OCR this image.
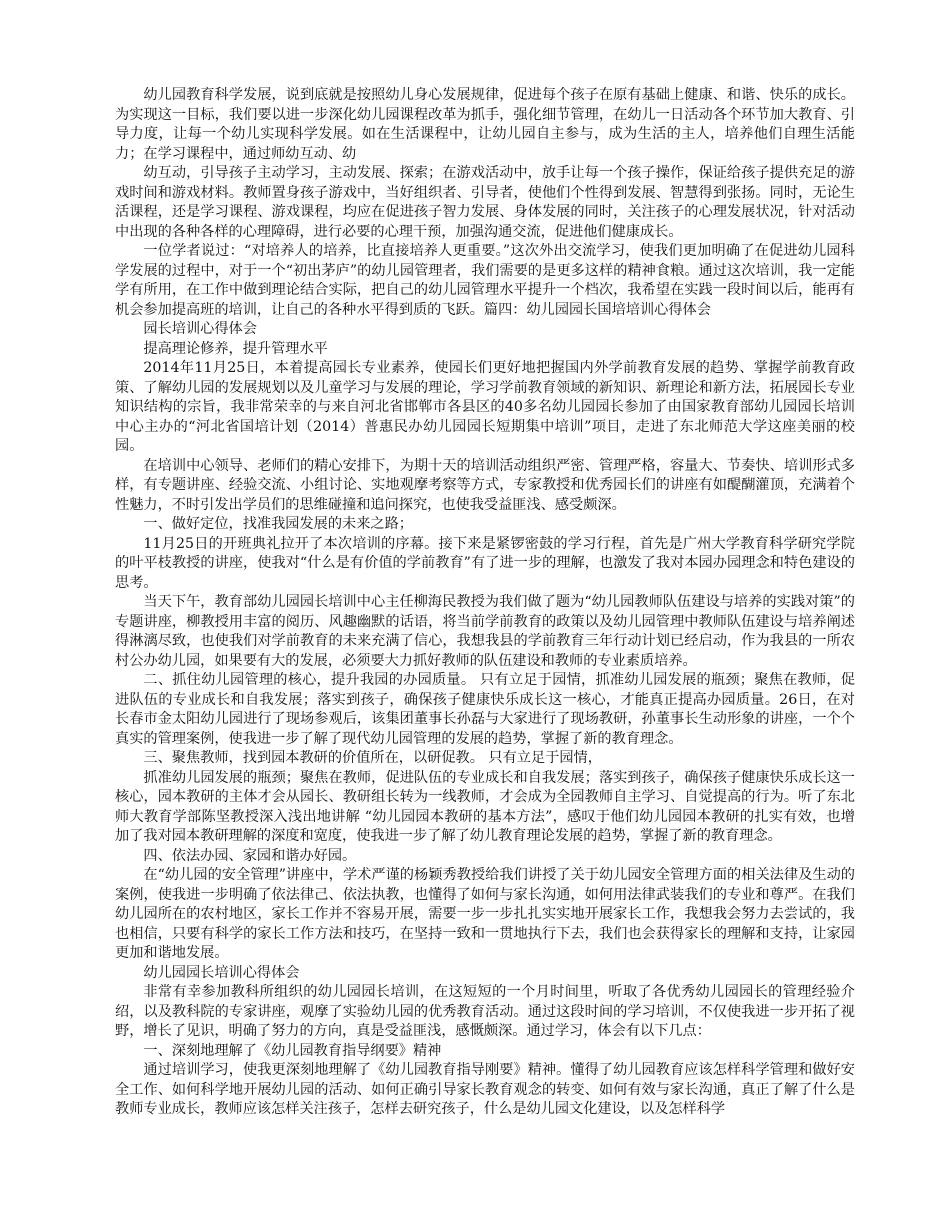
幼儿园教育科学发展，说到底就是按照幼儿身心发展规律，促进每个孩子在原有基础上健康、和谐、快乐的成长。为实现这一目标，我们要以进一步深化幼儿园课程改革为抓手，强化细节管理，在幼儿一日活动各个环节加大教育、引导力度，让每一个幼儿实现科学发展。如在生活课程中，让幼儿园自主参与，成为生活的主人，培养他们自理生活能力；在学习课程中，通过师幼互动、幼

幼互动，引导孩子主动学习，主动发展、探索；在游戏活动中，放手让每一个孩子操作，保证给孩子提供充足的游戏时间和游戏材料。教师置身孩子游戏中，当好组织者、引导者，使他们个性得到发展、智慧得到张扬。同时，无论生活课程，还是学习课程、游戏课程，均应在促进孩子智力发展、身体发展的同时，关注孩子的心理发展状况，针对活动中出现的各种各样的心理障碍，进行必要的心理干预，加强沟通交流，促进他们健康成长。

一位学者说过：“对培养人的培养，比直接培养人更重要。”这次外出交流学习，使我们更加明确了在促进幼儿园科学发展的过程中，对于一个“初出茅庐”的幼儿园管理者，我们需要的是更多这样的精神食粮。通过这次培训，我一定能学有所用，在工作中做到理论结合实际，把自己的幼儿园管理水平提升一个档次，我希望在实践一段时间以后，能再有机会参加提高班的培训，让自己的各种水平得到质的飞跃。篇四：幼儿园园长国培培训心得体会

园长培训心得体会

提高理论修养，提升管理水平

2014年11月25日，本着提高园长专业素养，使园长们更好地把握国内外学前教育发展的趋势、掌握学前教育政策、了解幼儿园的发展规划以及儿童学习与发展的理论，学习学前教育领域的新知识、新理论和新方法，拓展园长专业知识结构的宗旨，我非常荣幸的与来自河北省邯郸市各县区的40多名幼儿园园长参加了由国家教育部幼儿园园长培训中心主办的“河北省国培计划（2014）普惠民办幼儿园园长短期集中培训”项目，走进了东北师范大学这座美丽的校园。

在培训中心领导、老师们的精心安排下，为期十天的培训活动组织严密、管理严格，容量大、节奏快、培训形式多样，有专题讲座、经验交流、小组讨论、实地观摩考察等方式，专家教授和优秀园长们的讲座有如醍醐灌顶，充满着个性魅力，不时引发出学员们的思维碰撞和追问探究，也使我受益匪浅、感受颇深。

一、做好定位，找准我园发展的未来之路；

11月25日的开班典礼拉开了本次培训的序幕。接下来是紧锣密鼓的学习行程，首先是广州大学教育科学研究学院的叶平枝教授的讲座，使我对“什么是有价值的学前教育”有了进一步的理解，也激发了我对本园办园理念和特色建设的思考。

当天下午，教育部幼儿园园长培训中心主任柳海民教授为我们做了题为“幼儿园教师队伍建设与培养的实践对策”的专题讲座，柳教授用丰富的阅历、风趣幽默的话语，将当前学前教育的政策以及幼儿园管理中教师队伍建设与培养阐述得淋漓尽致，也使我们对学前教育的未来充满了信心，我想我县的学前教育三年行动计划已经启动，作为我县的一所农村公办幼儿园，如果要有大的发展，必须要大力抓好教师的队伍建设和教师的专业素质培养。

二、抓住幼儿园管理的核心，提升我园的办园质量。 只有立足于园情，抓准幼儿园发展的瓶颈；聚焦在教师，促进队伍的专业成长和自我发展；落实到孩子，确保孩子健康快乐成长这一核心，才能真正提高办园质量。26日，在对长春市金太阳幼儿园进行了现场参观后，该集团董事长孙磊与大家进行了现场教研，孙董事长生动形象的讲座，一个个真实的管理案例，使我进一步了解了现代幼儿园管理的发展的趋势，掌握了新的教育理念。

三、聚焦教师，找到园本教研的价值所在，以研促教。 只有立足于园情，

抓准幼儿园发展的瓶颈；聚焦在教师，促进队伍的专业成长和自我发展；落实到孩子，确保孩子健康快乐成长这一核心，园本教研的主体才会从园长、教研组长转为一线教师，才会成为全园教师自主学习、自觉提高的行为。听了东北师大教育学部陈坚教授深入浅出地讲解 “幼儿园园本教研的基本方法”，感叹于他们幼儿园园本教研的扎实有效，也增加了我对园本教研理解的深度和宽度，使我进一步了解了幼儿教育理论发展的趋势，掌握了新的教育理念。

四、依法办园、家园和谐办好园。

在“幼儿园的安全管理”讲座中，学术严谨的杨颖秀教授给我们讲授了关于幼儿园安全管理方面的相关法律及生动的案例，使我进一步明确了依法律己、依法执教，也懂得了如何与家长沟通，如何用法律武装我们的专业和尊严。在我们幼儿园所在的农村地区，家长工作并不容易开展，需要一步一步扎扎实实地开展家长工作，我想我会努力去尝试的，我也相信，只要有科学的家长工作方法和技巧，在坚持一致和一贯地执行下去，我们也会获得家长的理解和支持，让家园更加和谐地发展。

幼儿园园长培训心得体会

非常有幸参加教科所组织的幼儿园园长培训，在这短短的一个月时间里，听取了各优秀幼儿园园长的管理经验介绍，以及教科院的专家讲座，观摩了实验幼儿园的优秀教育活动。通过这段时间的学习培训，不仅使我进一步开拓了视野，增长了见识，明确了努力的方向，真是受益匪浅，感慨颇深。通过学习，体会有以下几点：

一、深刻地理解了《幼儿园教育指导纲要》精神

通过培训学习，使我更深刻地理解了《幼儿园教育指导刚要》精神。懂得了幼儿园教育应该怎样科学管理和做好安全工作、如何科学地开展幼儿园的活动、如何正确引导家长教育观念的转变、如何有效与家长沟通，真正了解了什么是教师专业成长，教师应该怎样关注孩子，怎样去研究孩子，什么是幼儿园文化建设，以及怎样科学
